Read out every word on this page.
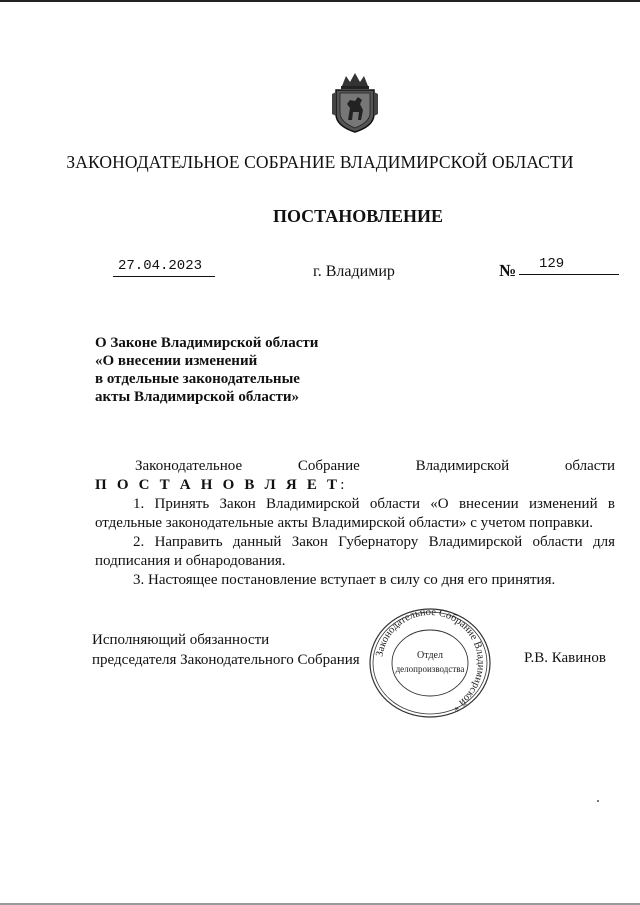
ЗАКОНОДАТЕЛЬНОЕ СОБРАНИЕ ВЛАДИМИРСКОЙ ОБЛАСТИ
ПОСТАНОВЛЕНИЕ
27.04.2023	г. Владимир	№ 129
О Законе Владимирской области
«О внесении изменений
в отдельные законодательные
акты Владимирской области»
Законодательное	Собрание	Владимирской	области
П О С Т А Н О В Л Я Е Т:

1. Принять Закон Владимирской области «О внесении изменений в отдельные законодательные акты Владимирской области» с учетом поправки.

2. Направить данный Закон Губернатору Владимирской области для подписания и обнародования.

3. Настоящее постановление вступает в силу со дня его принятия.

Исполняющий обязанности
председателя Законодательного Собрания	Законодательное Собрание Владимирской *
Отдел
делопроизводства
Р.В. Кавинов
